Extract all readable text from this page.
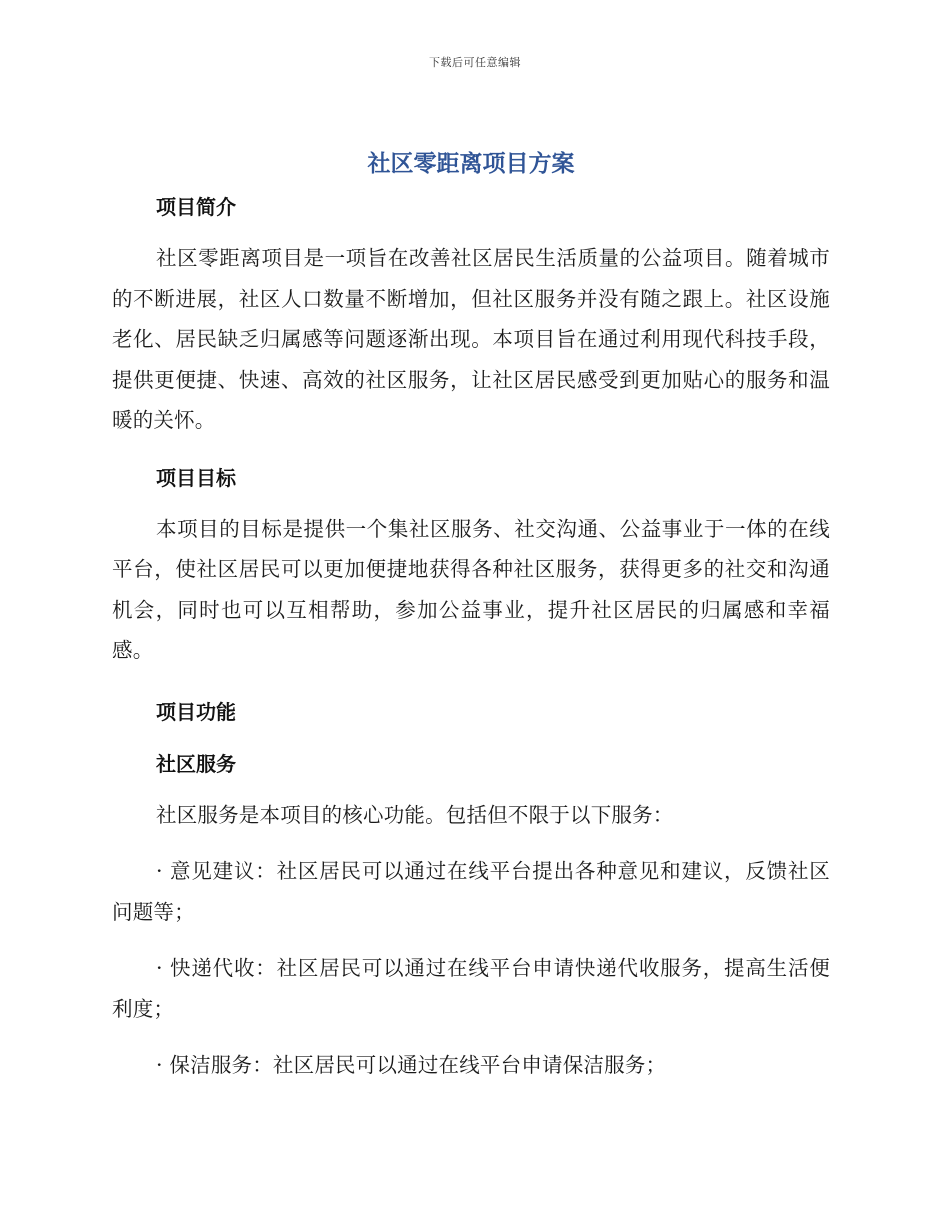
下载后可任意编辑
社区零距离项目方案
项目简介

社区零距离项目是一项旨在改善社区居民生活质量的公益项目。随着城市的不断进展，社区人口数量不断增加，但社区服务并没有随之跟上。社区设施老化、居民缺乏归属感等问题逐渐出现。本项目旨在通过利用现代科技手段，提供更便捷、快速、高效的社区服务，让社区居民感受到更加贴心的服务和温暖的关怀。

项目目标

本项目的目标是提供一个集社区服务、社交沟通、公益事业于一体的在线平台，使社区居民可以更加便捷地获得各种社区服务，获得更多的社交和沟通机会，同时也可以互相帮助，参加公益事业，提升社区居民的归属感和幸福感。

项目功能
社区服务

社区服务是本项目的核心功能。包括但不限于以下服务：

· 意见建议：社区居民可以通过在线平台提出各种意见和建议，反馈社区问题等；

· 快递代收：社区居民可以通过在线平台申请快递代收服务，提高生活便利度；

· 保洁服务：社区居民可以通过在线平台申请保洁服务；
